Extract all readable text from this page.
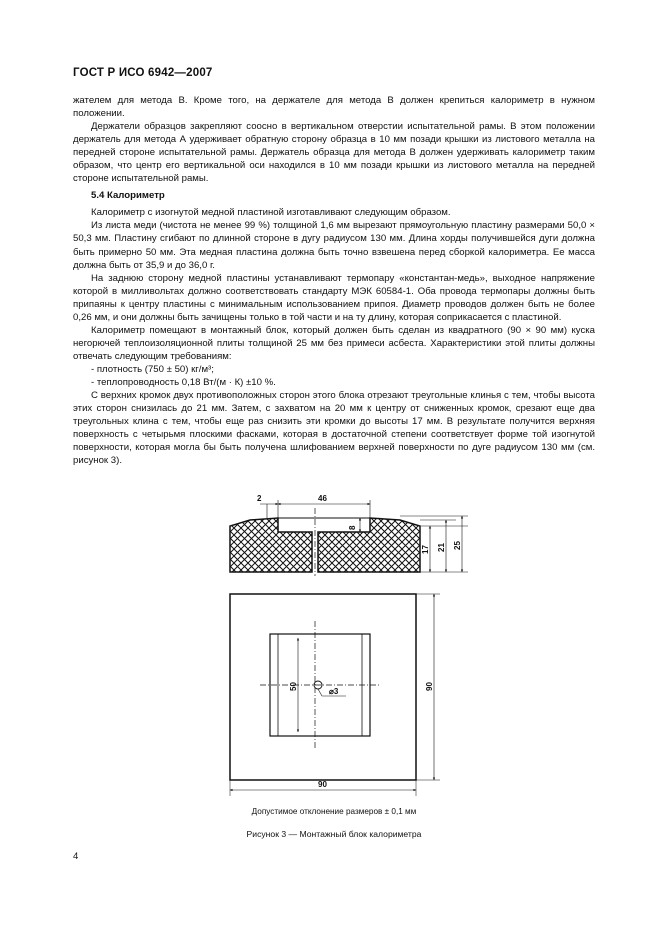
ГОСТ Р ИСО 6942—2007

жателем для метода В. Кроме того, на держателе для метода В должен крепиться калориметр в нужном положении.

Держатели образцов закрепляют соосно в вертикальном отверстии испытательной рамы. В этом положении держатель для метода А удерживает обратную сторону образца в 10 мм позади крышки из листового металла на передней стороне испытательной рамы. Держатель образца для метода В должен удерживать калориметр таким образом, что центр его вертикальной оси находился в 10 мм позади крышки из листового металла на передней стороне испытательной рамы.

5.4 Калориметр

Калориметр с изогнутой медной пластиной изготавливают следующим образом.

Из листа меди (чистота не менее 99 %) толщиной 1,6 мм вырезают прямоугольную пластину размерами 50,0 × 50,3 мм. Пластину сгибают по длинной стороне в дугу радиусом 130 мм. Длина хорды получившейся дуги должна быть примерно 50 мм. Эта медная пластина должна быть точно взвешена перед сборкой калориметра. Ее масса должна быть от 35,9 и до 36,0 г.

На заднюю сторону медной пластины устанавливают термопару «константан-медь», выходное напряжение которой в милливольтах должно соответствовать стандарту МЭК 60584-1. Оба провода термопары должны быть припаяны к центру пластины с минимальным использованием припоя. Диаметр проводов должен быть не более 0,26 мм, и они должны быть зачищены только в той части и на ту длину, которая соприкасается с пластиной.

Калориметр помещают в монтажный блок, который должен быть сделан из квадратного (90 × 90 мм) куска негорючей теплоизоляционной плиты толщиной 25 мм без примеси асбеста. Характеристики этой плиты должны отвечать следующим требованиям:

- плотность (750 ± 50) кг/м³;

- теплопроводность 0,18 Вт/(м · К) ±10 %.

С верхних кромок двух противоположных сторон этого блока отрезают треугольные клинья с тем, чтобы высота этих сторон снизилась до 21 мм. Затем, с захватом на 20 мм к центру от сниженных кромок, срезают еще два треугольных клина с тем, чтобы еще раз снизить эти кромки до высоты 17 мм. В результате получится верхняя поверхность с четырьмя плоскими фасками, которая в достаточной степени соответствует форме той изогнутой поверхности, которая могла бы быть получена шлифованием верхней поверхности по дуге радиусом 130 мм (см. рисунок 3).

2	46
8
17 21 25
⌀3
50	90
90
Допустимое отклонение размеров ± 0,1 мм
Рисунок 3 — Монтажный блок калориметра
4
